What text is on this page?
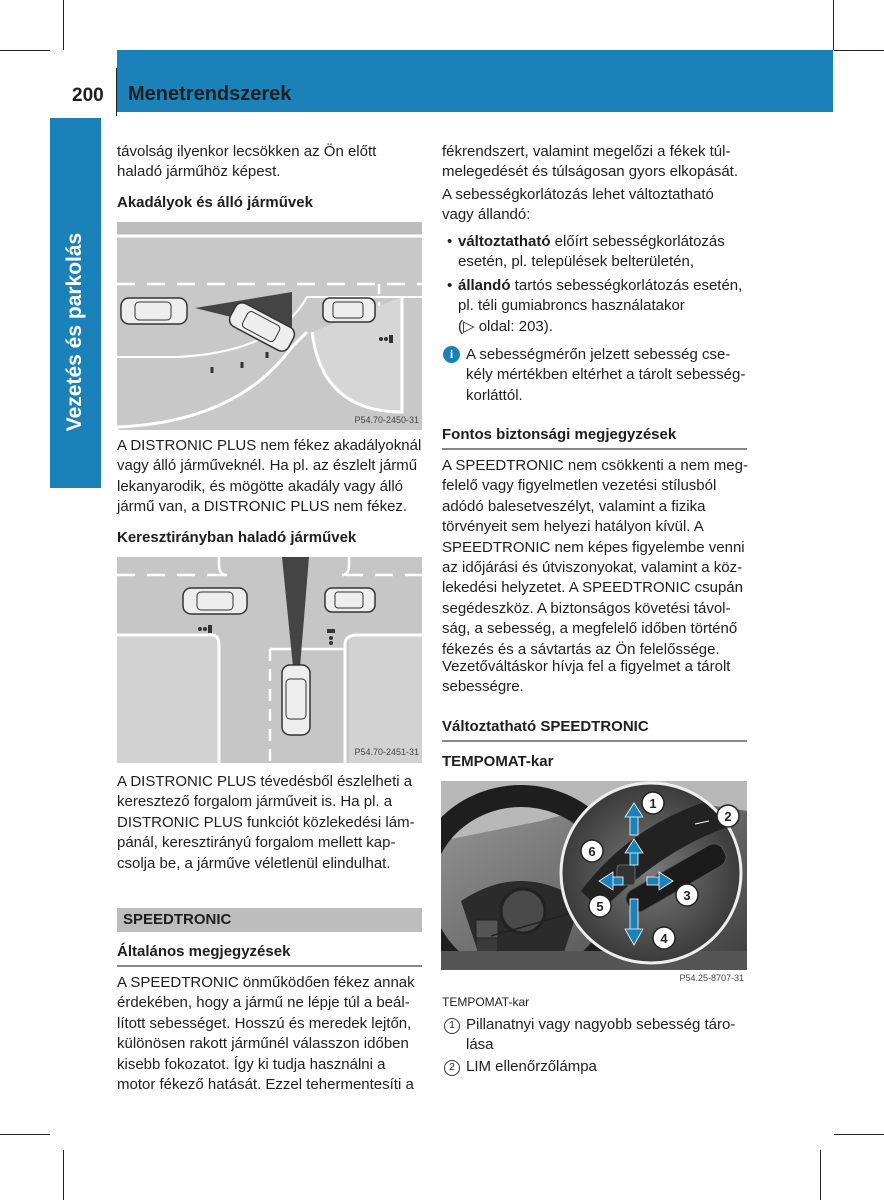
200 Menetrendszerek
Vezetés és parkolás
távolság ilyenkor lecsökken az Ön előtt
haladó járműhöz képest.
Akadályok és álló járművek
P54.70-2450-31
A DISTRONIC PLUS nem fékez akadályoknál
vagy álló járműveknél. Ha pl. az észlelt jármű
lekanyarodik, és mögötte akadály vagy álló
jármű van, a DISTRONIC PLUS nem fékez.
Keresztirányban haladó járművek
P54.70-2451-31
A DISTRONIC PLUS tévedésből észlelheti a
keresztező forgalom járműveit is. Ha pl. a
DISTRONIC PLUS funkciót közlekedési lám-
pánál, keresztirányú forgalom mellett kap-
csolja be, a járműve véletlenül elindulhat.
SPEEDTRONIC
Általános megjegyzések
A SPEEDTRONIC önműködően fékez annak
érdekében, hogy a jármű ne lépje túl a beál-
lított sebességet. Hosszú és meredek lejtőn,
különösen rakott járműnél válasszon időben
kisebb fokozatot. Így ki tudja használni a
motor fékező hatását. Ezzel tehermentesíti a
fékrendszert, valamint megelőzi a fékek túl-
melegedését és túlságosan gyors elkopását.
A sebességkorlátozás lehet változtatható
vagy állandó:
• változtatható előírt sebességkorlátozás
esetén, pl. települések belterületén,
• állandó tartós sebességkorlátozás esetén,
pl. téli gumiabroncs használatakor
(▷ oldal: 203).
i A sebességmérőn jelzett sebesség cse-
kély mértékben eltérhet a tárolt sebesség-
korláttól.
Fontos biztonsági megjegyzések
A SPEEDTRONIC nem csökkenti a nem meg-
felelő vagy figyelmetlen vezetési stílusból
adódó balesetveszélyt, valamint a fizika
törvényeit sem helyezi hatályon kívül. A
SPEEDTRONIC nem képes figyelembe venni
az időjárási és útviszonyokat, valamint a köz-
lekedési helyzetet. A SPEEDTRONIC csupán
segédeszköz. A biztonságos követési távol-
ság, a sebesség, a megfelelő időben történő
fékezés és a sávtartás az Ön felelőssége.
Vezetőváltáskor hívja fel a figyelmet a tárolt
sebességre.
Változtatható SPEEDTRONIC
TEMPOMAT-kar
1
2
3
4
5
6
P54.25-8707-31
TEMPOMAT-kar
1 Pillanatnyi vagy nagyobb sebesség táro-
lása
2 LIM ellenőrzőlámpa
